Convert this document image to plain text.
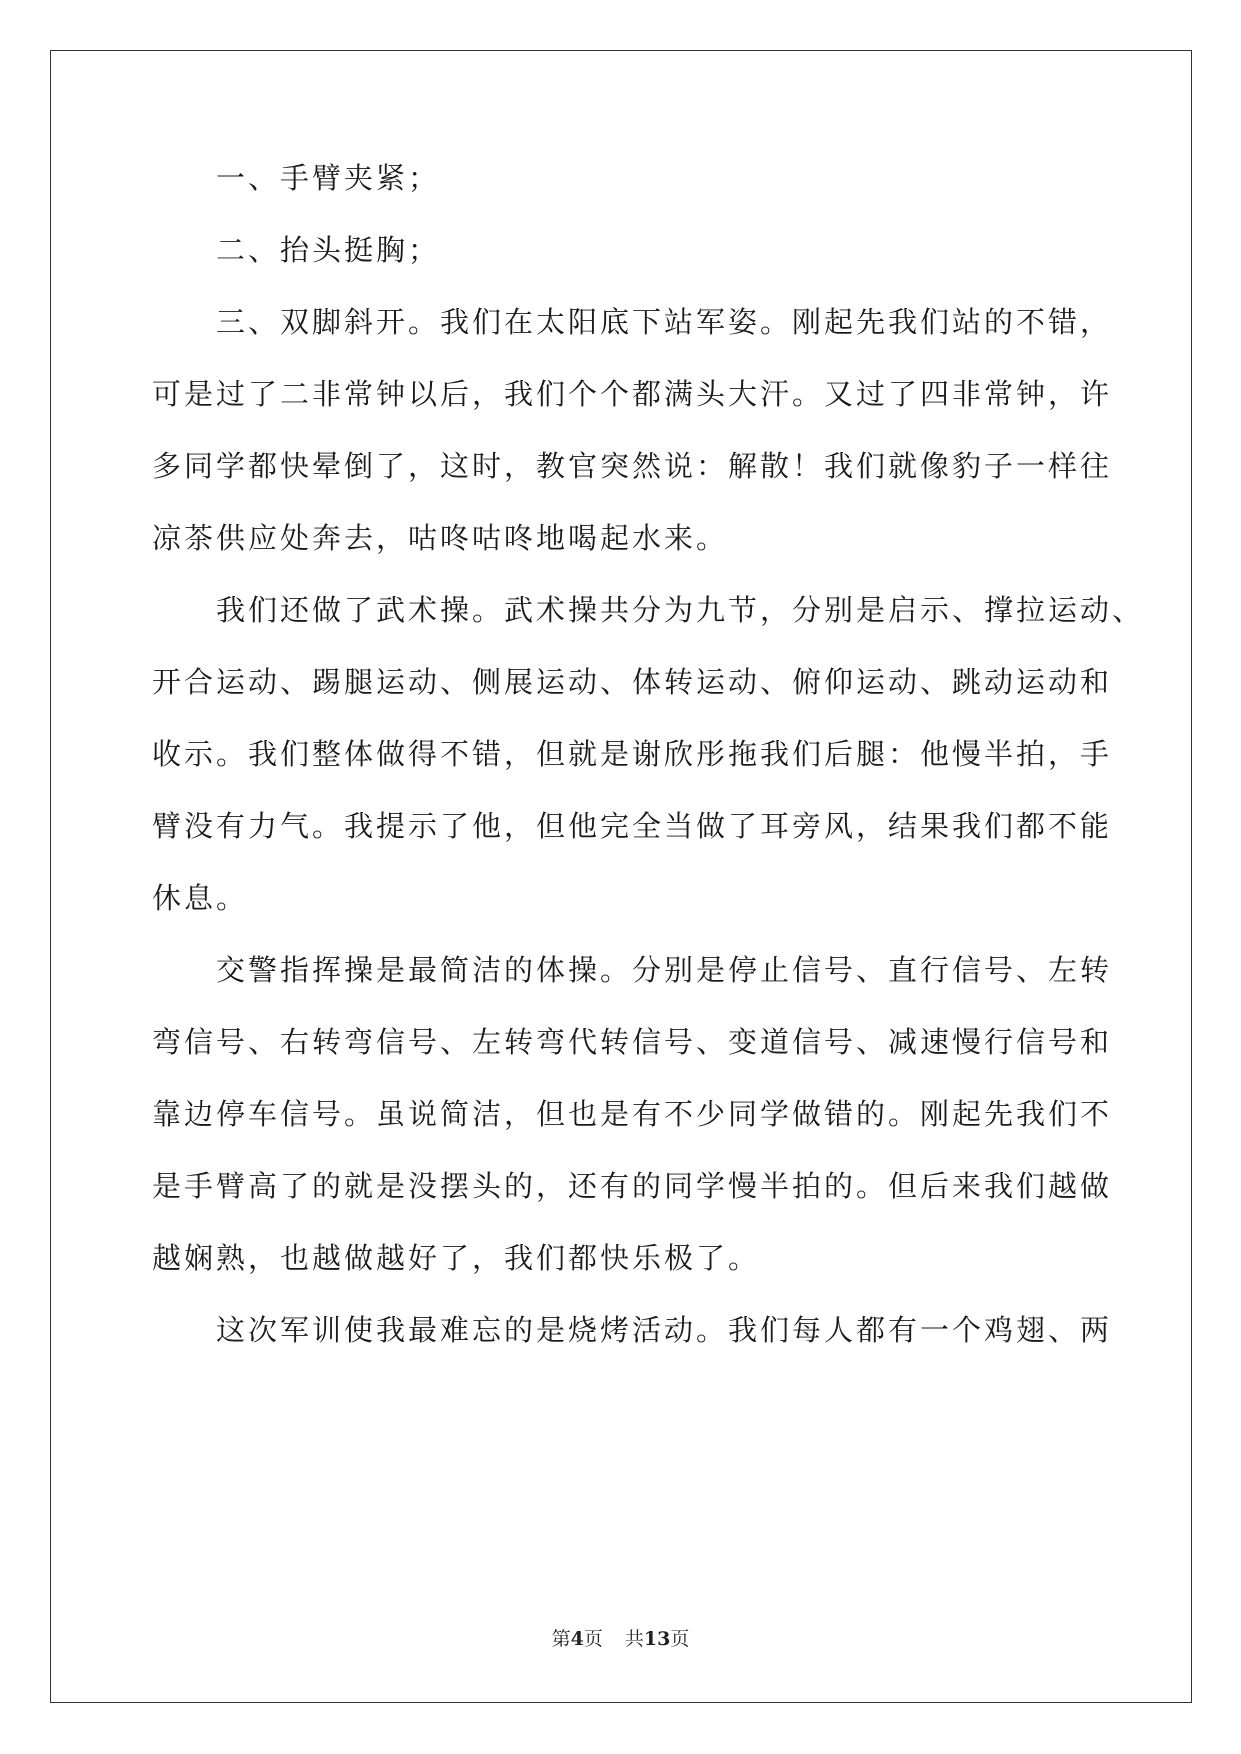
　　一、手臂夹紧；
　　二、抬头挺胸；
　　三、双脚斜开。我们在太阳底下站军姿。刚起先我们站的不错，
可是过了二非常钟以后，我们个个都满头大汗。又过了四非常钟，许
多同学都快晕倒了，这时，教官突然说：解散！我们就像豹子一样往
凉茶供应处奔去，咕咚咕咚地喝起水来。
　　我们还做了武术操。武术操共分为九节，分别是启示、撑拉运动、
开合运动、踢腿运动、侧展运动、体转运动、俯仰运动、跳动运动和
收示。我们整体做得不错，但就是谢欣彤拖我们后腿：他慢半拍，手
臂没有力气。我提示了他，但他完全当做了耳旁风，结果我们都不能
休息。
　　交警指挥操是最简洁的体操。分别是停止信号、直行信号、左转
弯信号、右转弯信号、左转弯代转信号、变道信号、减速慢行信号和
靠边停车信号。虽说简洁，但也是有不少同学做错的。刚起先我们不
是手臂高了的就是没摆头的，还有的同学慢半拍的。但后来我们越做
越娴熟，也越做越好了，我们都快乐极了。
　　这次军训使我最难忘的是烧烤活动。我们每人都有一个鸡翅、两
第4页 共13页
